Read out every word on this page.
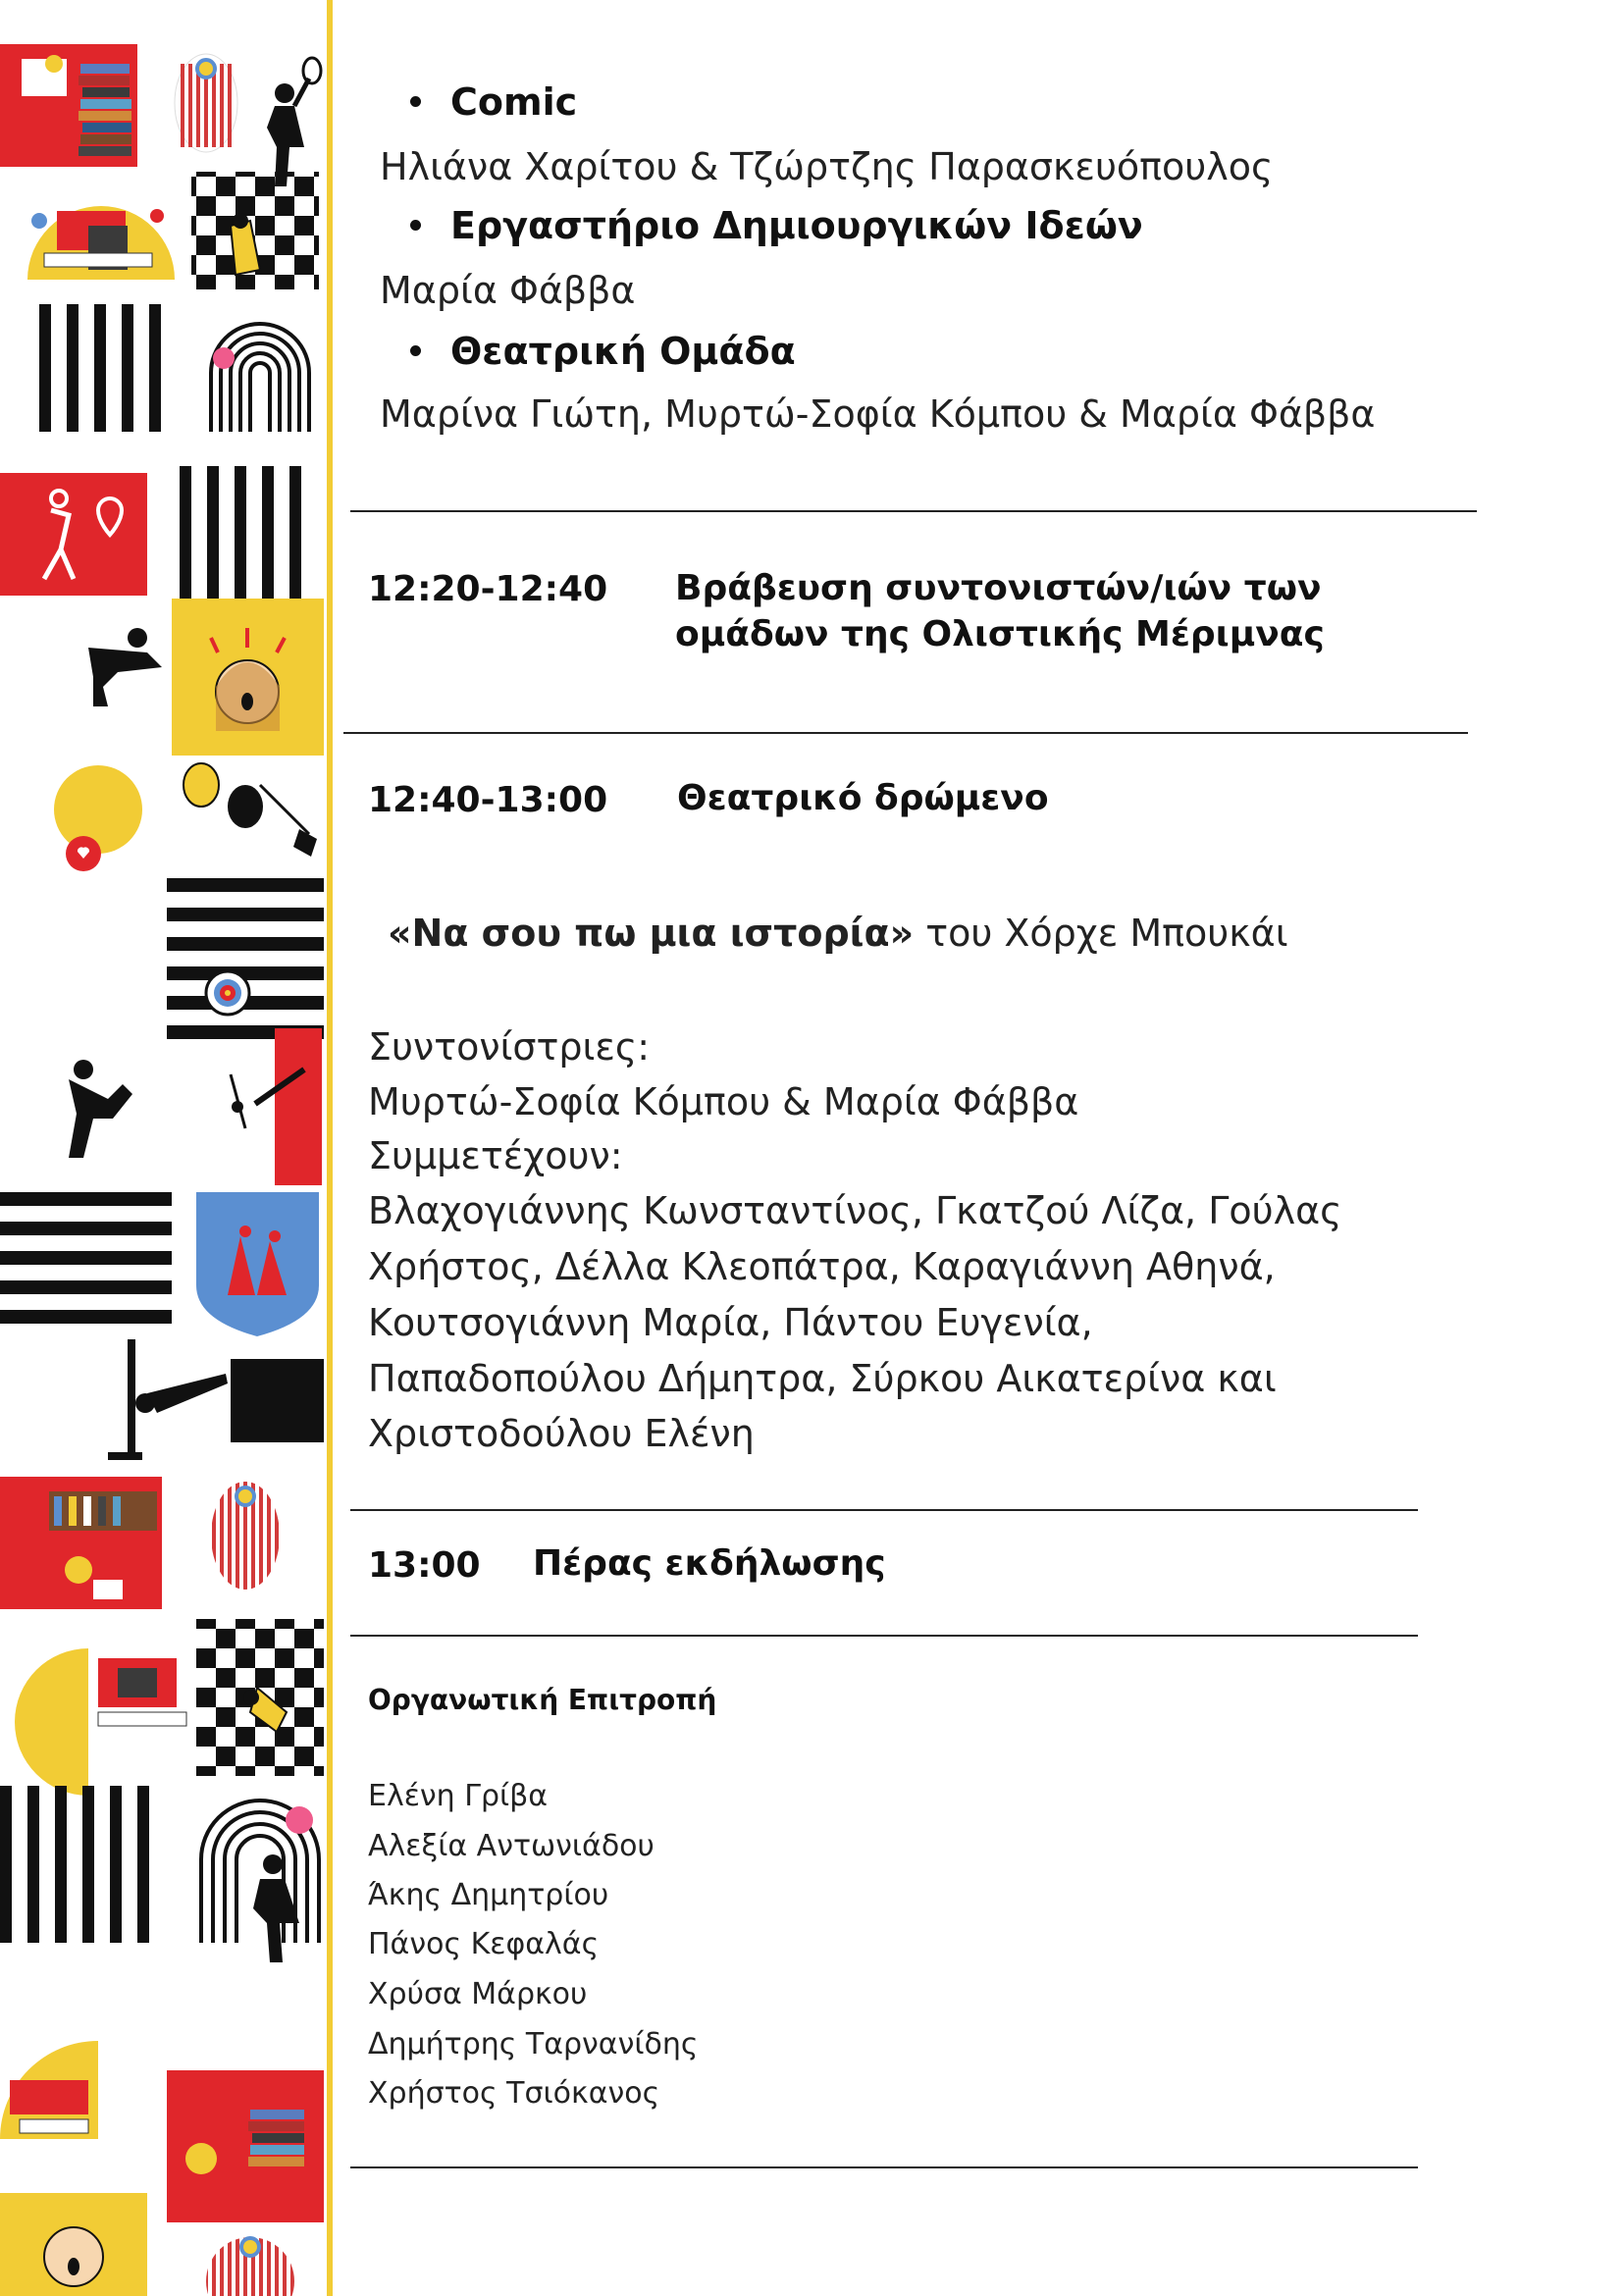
Comic
Ηλιάνα Χαρίτου & Τζώρτζης Παρασκευόπουλος
Εργαστήριο Δημιουργικών Ιδεών
Μαρία Φάββα
Θεατρική Ομάδα
Μαρίνα Γιώτη, Μυρτώ-Σοφία Κόμπου & Μαρία Φάββα
12:20-12:40 Βράβευση συντονιστών/ιών των
ομάδων της Ολιστικής Μέριμνας
12:40-13:00 Θεατρικό δρώμενο
«Να σου πω μια ιστορία» του Χόρχε Μπουκάι
Συντονίστριες:
Μυρτώ-Σοφία Κόμπου & Μαρία Φάββα
Συμμετέχουν:
Βλαχογιάννης Κωνσταντίνος, Γκατζού Λίζα, Γούλας
Χρήστος, Δέλλα Κλεοπάτρα, Καραγιάννη Αθηνά,
Κουτσογιάννη Μαρία, Πάντου Ευγενία,
Παπαδοπούλου Δήμητρα, Σύρκου Αικατερίνα και
Χριστοδούλου Ελένη
13:00 Πέρας εκδήλωσης
Οργανωτική Επιτροπή
Ελένη Γρίβα
Αλεξία Αντωνιάδου
Άκης Δημητρίου
Πάνος Κεφαλάς
Χρύσα Μάρκου
Δημήτρης Ταρνανίδης
Χρήστος Τσιόκανος
